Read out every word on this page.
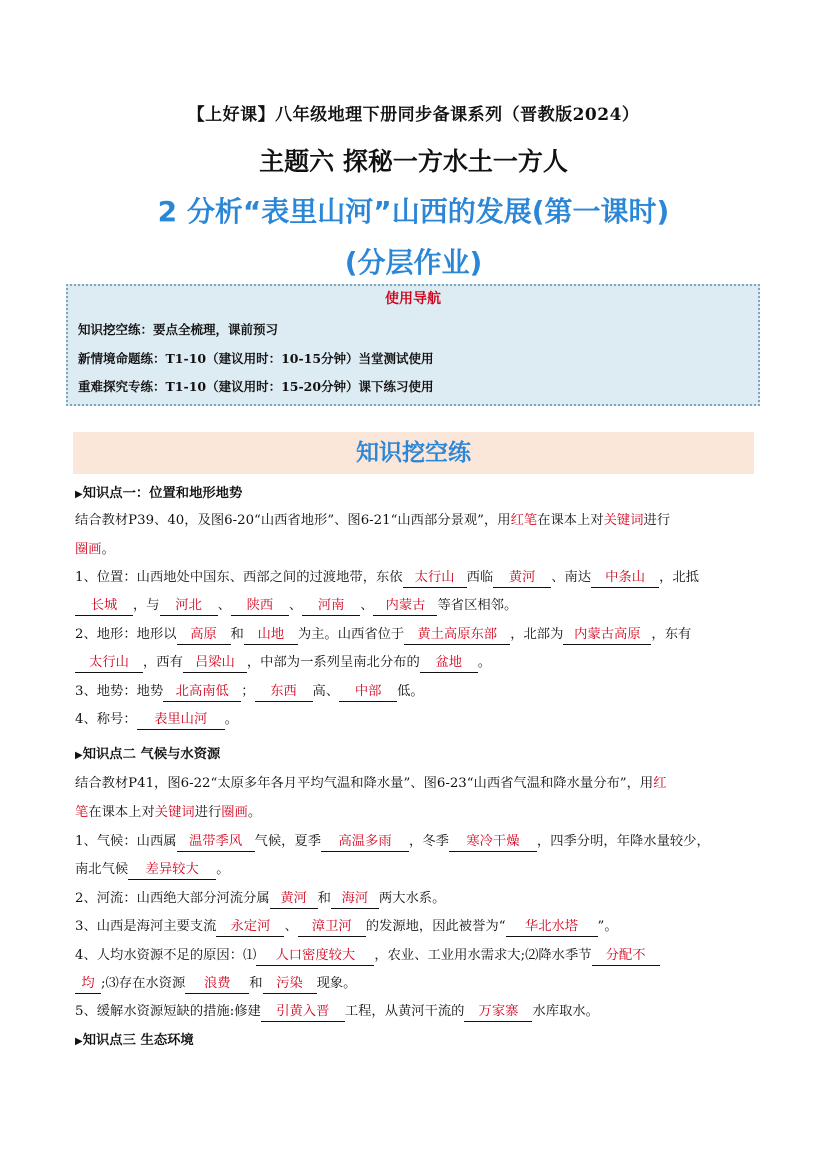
【上好课】八年级地理下册同步备课系列（晋教版2024）
主题六 探秘一方水土一方人
2 分析“表里山河”山西的发展(第一课时)
(分层作业)
使用导航
知识挖空练：要点全梳理，课前预习
新情境命题练：T1-10（建议用时：10-15分钟）当堂测试使用
重难探究专练：T1-10（建议用时：15-20分钟）课下练习使用
知识挖空练
▶知识点一：位置和地形地势
结合教材P39、40，及图6-20“山西省地形”、图6-21“山西部分景观”，用红笔在课本上对关键词进行
圈画。
1、位置：山西地处中国东、西部之间的过渡地带，东依 太行山 西临 黄河 、南达 中条山 ，北抵
长城 ，与 河北 、 陕西 、 河南 、 内蒙古 等省区相邻。
2、地形：地形以 高原 和 山地 为主。山西省位于 黄土高原东部 ，北部为 内蒙古高原 ，东有
太行山 ，西有 吕梁山 ，中部为一系列呈南北分布的 盆地 。
3、地势：地势 北高南低 ； 东西 高、 中部 低。
4、称号： 表里山河 。
▶知识点二 气候与水资源
结合教材P41，图6-22“太原多年各月平均气温和降水量”、图6-23“山西省气温和降水量分布”，用红
笔在课本上对关键词进行圈画。
1、气候：山西属 温带季风 气候，夏季 高温多雨 ，冬季 寒冷干燥 ，四季分明，年降水量较少，
南北气候 差异较大 。
2、河流：山西绝大部分河流分属 黄河 和 海河 两大水系。
3、山西是海河主要支流 永定河 、 漳卫河 的发源地，因此被誉为“ 华北水塔 ”。
4、人均水资源不足的原因：⑴ 人口密度较大 ，农业、工业用水需求大;⑵降水季节 分配不
均 ;⑶存在水资源 浪费 和 污染 现象。
5、缓解水资源短缺的措施:修建 引黄入晋 工程，从黄河干流的 万家寨 水库取水。
▶知识点三 生态环境
